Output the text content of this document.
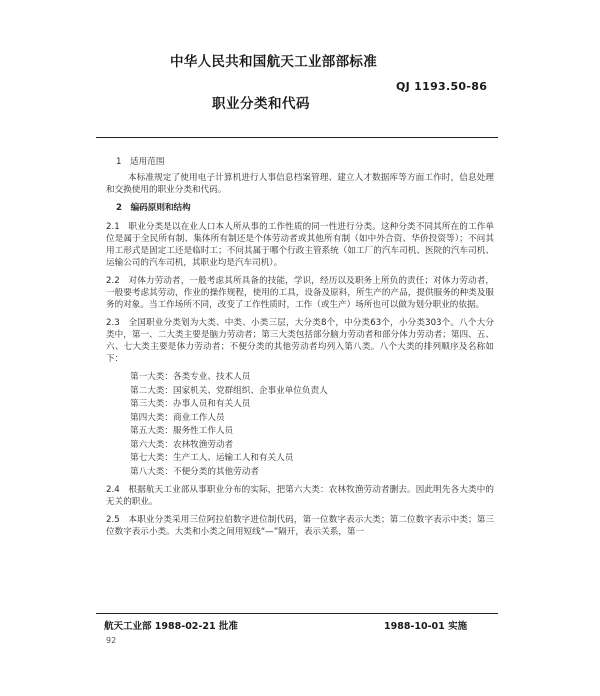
中华人民共和国航天工业部部标准
QJ 1193.50-86
职业分类和代码
1　适用范围

本标准规定了使用电子计算机进行人事信息档案管理、建立人才数据库等方面工作时，信息处理和交换使用的职业分类和代码。

2　编码原则和结构

2.1　职业分类是以在业人口本人所从事的工作性质的同一性进行分类。这种分类不同其所在的工作单位是属于全民所有制、集体所有制还是个体劳动者或其他所有制（如中外合资、华侨投资等）；不问其用工形式是固定工还是临时工；不问其属于哪个行政主管系统（如工厂的汽车司机、医院的汽车司机、运输公司的汽车司机，其职业均是汽车司机）。

2.2　对体力劳动者，一般考虑其所具备的技能，学识，经历以及职务上所负的责任；对体力劳动者，一般要考虑其劳动，作业的操作规程，使用的工具，设备及原料，所生产的产品，提供服务的种类及服务的对象。当工作场所不同，改变了工作性质时，工作（或生产）场所也可以做为划分职业的依据。

2.3　全国职业分类划为大类、中类、小类三层，大分类8个，中分类63个，小分类303个。八个大分类中，第一、二大类主要是脑力劳动者；第三大类包括部分脑力劳动者和部分体力劳动者；第四、五、六、七大类主要是体力劳动者；不便分类的其他劳动者均列入第八类。八个大类的排列顺序及名称如下：

第一大类：各类专业、技术人员
第二大类：国家机关、党群组织、企事业单位负责人
第三大类：办事人员和有关人员
第四大类：商业工作人员
第五大类：服务性工作人员
第六大类：农林牧渔劳动者
第七大类：生产工人、运输工人和有关人员
第八大类：不便分类的其他劳动者

2.4　根据航天工业部从事职业分布的实际，把第六大类：农林牧渔劳动者删去。因此明先各大类中的无关的职业。

2.5　本职业分类采用三位阿拉伯数字进位制代码，第一位数字表示大类；第二位数字表示中类；第三位数字表示小类。大类和小类之间用短线“—”隔开，表示关系，第一

航天工业部 1988-02-21 批准	1988-10-01 实施
92
